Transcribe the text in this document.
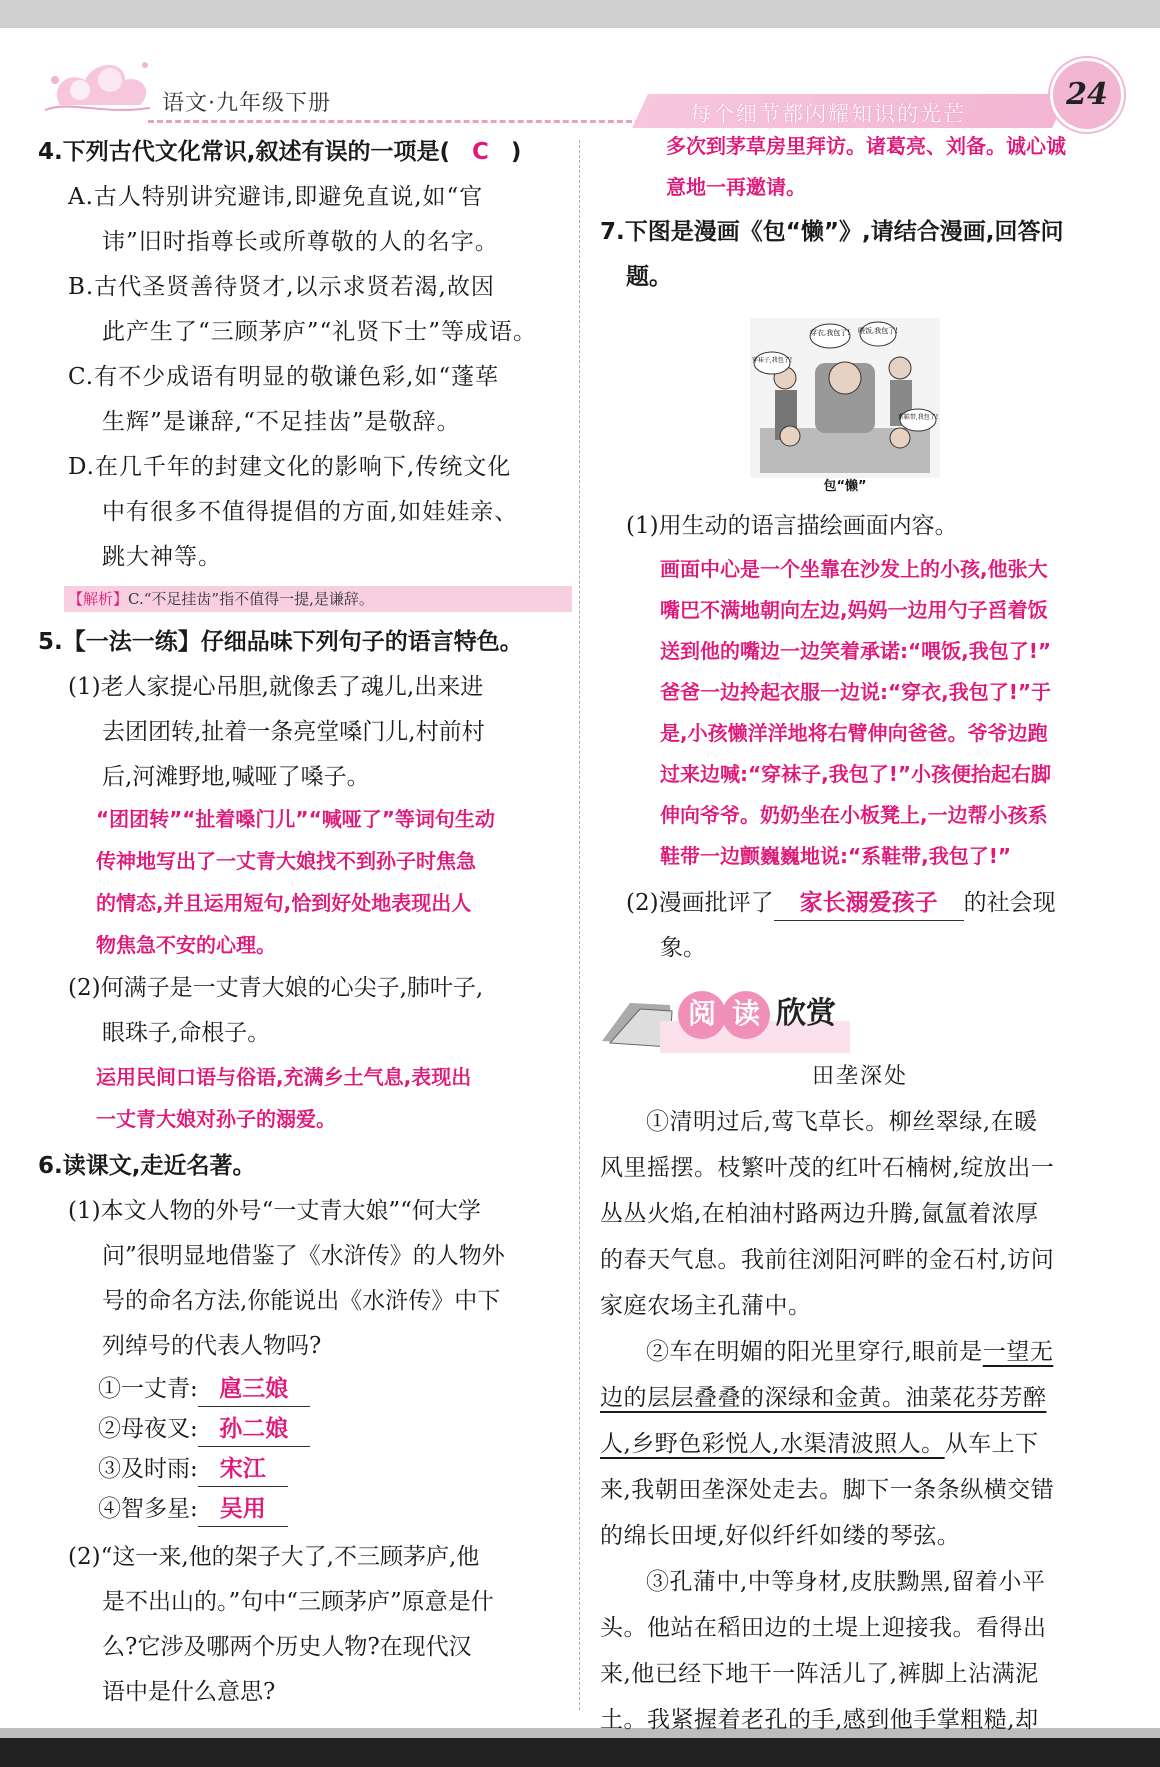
语文·九年级下册	每个细节都闪耀知识的光芒
24

4.下列古代文化常识,叙述有误的一项是( C )

A.古人特别讲究避讳,即避免直说,如“官

讳”旧时指尊长或所尊敬的人的名字。

B.古代圣贤善待贤才,以示求贤若渴,故因

此产生了“三顾茅庐”“礼贤下士”等成语。

C.有不少成语有明显的敬谦色彩,如“蓬荜

生辉”是谦辞,“不足挂齿”是敬辞。

D.在几千年的封建文化的影响下,传统文化

中有很多不值得提倡的方面,如娃娃亲、

跳大神等。

【解析】C.“不足挂齿”指不值得一提,是谦辞。

5.【一法一练】仔细品味下列句子的语言特色。

(1)老人家提心吊胆,就像丢了魂儿,出来进

去团团转,扯着一条亮堂嗓门儿,村前村

后,河滩野地,喊哑了嗓子。

“团团转”“扯着嗓门儿”“喊哑了”等词句生动

传神地写出了一丈青大娘找不到孙子时焦急

的情态,并且运用短句,恰到好处地表现出人

物焦急不安的心理。

(2)何满子是一丈青大娘的心尖子,肺叶子,

眼珠子,命根子。

运用民间口语与俗语,充满乡土气息,表现出

一丈青大娘对孙子的溺爱。

6.读课文,走近名著。

(1)本文人物的外号“一丈青大娘”“何大学

问”很明显地借鉴了《水浒传》的人物外

号的命名方法,你能说出《水浒传》中下

列绰号的代表人物吗?

①一丈青: 扈三娘

②母夜叉: 孙二娘

③及时雨: 宋江

④智多星: 吴用

(2)“这一来,他的架子大了,不三顾茅庐,他

是不出山的。”句中“三顾茅庐”原意是什

么?它涉及哪两个历史人物?在现代汉

语中是什么意思?

多次到茅草房里拜访。诸葛亮、刘备。诚心诚

意地一再邀请。

7.下图是漫画《包“懒”》,请结合漫画,回答问

题。

穿衣,我包了! 喂饭,我包了!
穿袜子,我包了!
系鞋带,我包了!
包“懒”

(1)用生动的语言描绘画面内容。

画面中心是一个坐靠在沙发上的小孩,他张大

嘴巴不满地朝向左边,妈妈一边用勺子舀着饭

送到他的嘴边一边笑着承诺:“喂饭,我包了!”

爸爸一边拎起衣服一边说:“穿衣,我包了!”于

是,小孩懒洋洋地将右臂伸向爸爸。爷爷边跑

过来边喊:“穿袜子,我包了!”小孩便抬起右脚

伸向爷爷。奶奶坐在小板凳上,一边帮小孩系

鞋带一边颤巍巍地说:“系鞋带,我包了!”

(2)漫画批评了 家长溺爱孩子 的社会现

象。

阅 读 欣赏

田垄深处

①清明过后,莺飞草长。柳丝翠绿,在暖

风里摇摆。枝繁叶茂的红叶石楠树,绽放出一

丛丛火焰,在柏油村路两边升腾,氤氲着浓厚

的春天气息。我前往浏阳河畔的金石村,访问

家庭农场主孔蒲中。

②车在明媚的阳光里穿行,眼前是一望无

边的层层叠叠的深绿和金黄。油菜花芬芳醉

人,乡野色彩悦人,水渠清波照人。从车上下

来,我朝田垄深处走去。脚下一条条纵横交错

的绵长田埂,好似纤纤如缕的琴弦。

③孔蒲中,中等身材,皮肤黝黑,留着小平

头。他站在稻田边的土堤上迎接我。看得出

来,他已经下地干一阵活儿了,裤脚上沾满泥

土。我紧握着老孔的手,感到他手掌粗糙,却
